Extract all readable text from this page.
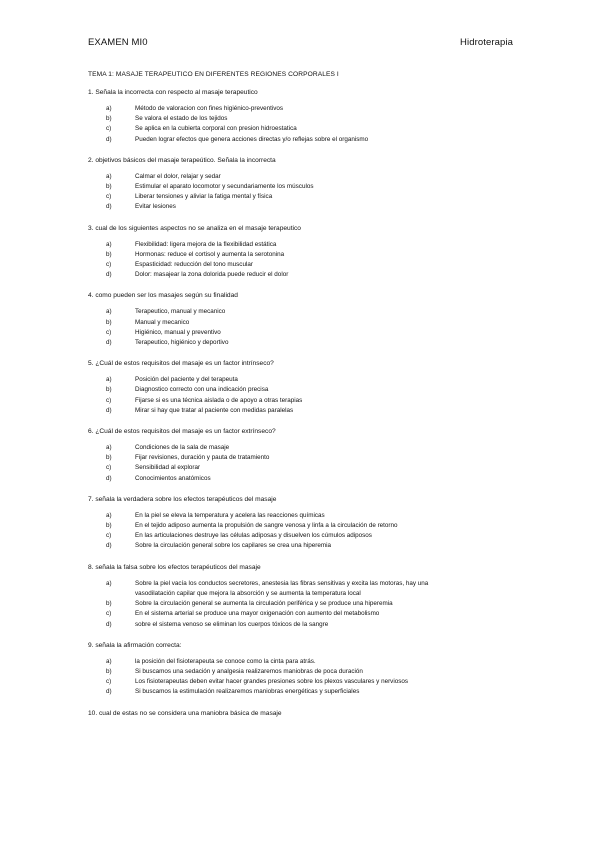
EXAMEN MI0	Hidroterapia
TEMA 1: MASAJE TERAPEUTICO EN DIFERENTES REGIONES CORPORALES I
1. Señala la incorrecta con respecto al masaje terapeutico
a)	Método de valoracion con fines higiénico-preventivos
b)	Se valora el estado de los tejidos
c)	Se aplica en la cubierta corporal con presion hidroestatica
d)	Pueden lograr efectos que genera acciones directas y/o reflejas sobre el organismo
2. objetivos básicos del masaje terapeútico. Señala la incorrecta
a)	Calmar el dolor, relajar y sedar
b)	Estimular el aparato locomotor y secundariamente los músculos
c)	Liberar tensiones y aliviar la fatiga mental y física
d)	Evitar lesiones
3. cual de los siguientes aspectos no se analiza en el masaje terapeutico
a)	Flexibilidad: ligera mejora de la flexibilidad estática
b)	Hormonas: reduce el cortisol y aumenta la serotonina
c)	Espasticidad: reducción del tono muscular
d)	Dolor: masajear la zona dolorida puede reducir el dolor
4. como pueden ser los masajes según su finalidad
a)	Terapeutico, manual y mecanico
b)	Manual y mecanico
c)	Higiénico, manual y preventivo
d)	Terapeutico, higiénico y deportivo
5. ¿Cuál de estos requisitos del masaje es un factor intrínseco?
a)	Posición del paciente y del terapeuta
b)	Diagnostico correcto con una indicación precisa
c)	Fijarse si es una técnica aislada o de apoyo a otras terapias
d)	Mirar si hay que tratar al paciente con medidas paralelas
6. ¿Cuál de estos requisitos del masaje es un factor extrínseco?
a)	Condiciones de la sala de masaje
b)	Fijar revisiones, duración y pauta de tratamiento
c)	Sensibilidad al explorar
d)	Conocimientos anatómicos
7. señala la verdadera sobre los efectos terapéuticos del masaje
a)	En la piel se eleva la temperatura y acelera las reacciones químicas
b)	En el tejido adiposo aumenta la propulsión de sangre venosa y linfa a la circulación de retorno
c)	En las articulaciones destruye las células adiposas y disuelven los cúmulos adiposos
d)	Sobre la circulación general sobre los capilares se crea una hiperemia
8. señala la falsa sobre los efectos terapéuticos del masaje
a)	Sobre la piel vacía los conductos secretores, anestesia las fibras sensitivas y excita las motoras, hay una
vasodilatación capilar que mejora la absorción y se aumenta la temperatura local
b)	Sobre la circulación general se aumenta la circulación periférica y se produce una hiperemia
c)	En el sistema arterial se produce una mayor oxigenación con aumento del metabolismo
d)	sobre el sistema venoso se eliminan los cuerpos tóxicos de la sangre
9. señala la afirmación correcta:
a)	la posición del fisioterapeuta se conoce como la cinta para atrás.
b)	Si buscamos una sedación y analgesia realizaremos maniobras de poca duración
c)	Los fisioterapeutas deben evitar hacer grandes presiones sobre los plexos vasculares y nerviosos
d)	Si buscamos la estimulación realizaremos maniobras energéticas y superficiales
10. cual de estas no se considera una maniobra básica de masaje
